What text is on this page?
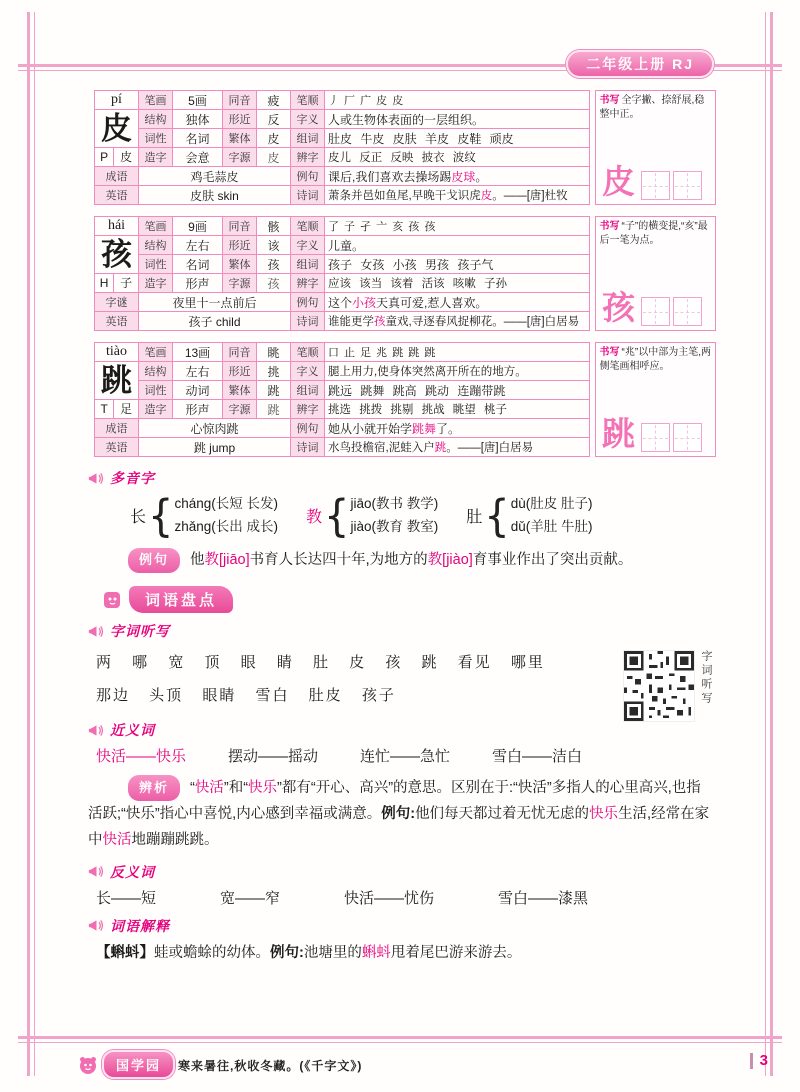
二年级上册 RJ
pí	笔画	5画	同音	疲	笔顺	丿 厂 广 皮 皮
皮	结构	独体	形近	反	字义	人或生物体表面的一层组织。
	词性	名词	繁体	皮	组词	肚皮 牛皮 皮肤 羊皮 皮鞋 顽皮

P 皮	造字	会意	字源	皮	辨字	皮儿 反正 反映 披衣 波纹
成语	鸡毛蒜皮				例句	课后,我们喜欢去操场踢皮球。
英语	皮肤 skin				诗词	萧条并邑如鱼尾,早晚干戈识虎皮。——[唐]杜牧
书写 全字撇、捺舒展,稳整中正。
皮
hái	笔画	9画	同音	骸	笔顺	了 子 孑 亠 亥 孩 孩
孩	结构	左右	形近	该	字义	儿童。
	词性	名词	繁体	孩	组词	孩子 女孩 小孩 男孩 孩子气

H 子	造字	形声	字源	孩	辨字	应该 该当 该着 活该 咳嗽 子孙
字谜	夜里十一点前后				例句	这个小孩天真可爱,惹人喜欢。
英语	孩子 child				诗词	谁能更学孩童戏,寻逐春风捉柳花。——[唐]白居易
书写 “子”的横变提,“亥”最后一笔为点。
孩
tiào	笔画	13画	同音	眺	笔顺	口 止 足 兆 跳 跳 跳
跳	结构	左右	形近	挑	字义	腿上用力,使身体突然离开所在的地方。
	词性	动词	繁体	跳	组词	跳远 跳舞 跳高 跳动 连蹦带跳

T 足	造字	形声	字源	跳	辨字	挑选 挑拨 挑剔 挑战 眺望 桃子
成语	心惊肉跳				例句	她从小就开始学跳舞了。
英语	跳 jump				诗词	水鸟投檐宿,泥蛙入户跳。——[唐]白居易
书写 “兆”以中部为主笔,两侧笔画相呼应。
跳
多音字
长 { cháng(长短 长发)
zhǎng(长出 成长) 教 { jiāo(教书 教学)
jiào(教育 教室) 肚 { dù(肚皮 肚子)
dǔ(羊肚 牛肚)

例句 他教[jiāo]书育人长达四十年,为地方的教[jiào]育事业作出了突出贡献。

词语盘点
字词听写
两 哪 宽 顶 眼 睛 肚 皮 孩 跳 看见 哪里
那边 头顶 眼睛 雪白 肚皮 孩子	字词听写
近义词
快活——快乐	摆动——摇动	连忙——急忙	雪白——洁白

辨析 “快活”和“快乐”都有“开心、高兴”的意思。区别在于:“快活”多指人的心里高兴,也指活跃;“快乐”指心中喜悦,内心感到幸福或满意。例句:他们每天都过着无忧无虑的快乐生活,经常在家中快活地蹦蹦跳跳。

反义词
长——短	宽——窄	快活——忧伤	雪白——漆黑
词语解释
【蝌蚪】蛙或蟾蜍的幼体。例句:池塘里的蝌蚪甩着尾巴游来游去。
国学园	寒来暑往,秋收冬藏。(《千字文》)	3
